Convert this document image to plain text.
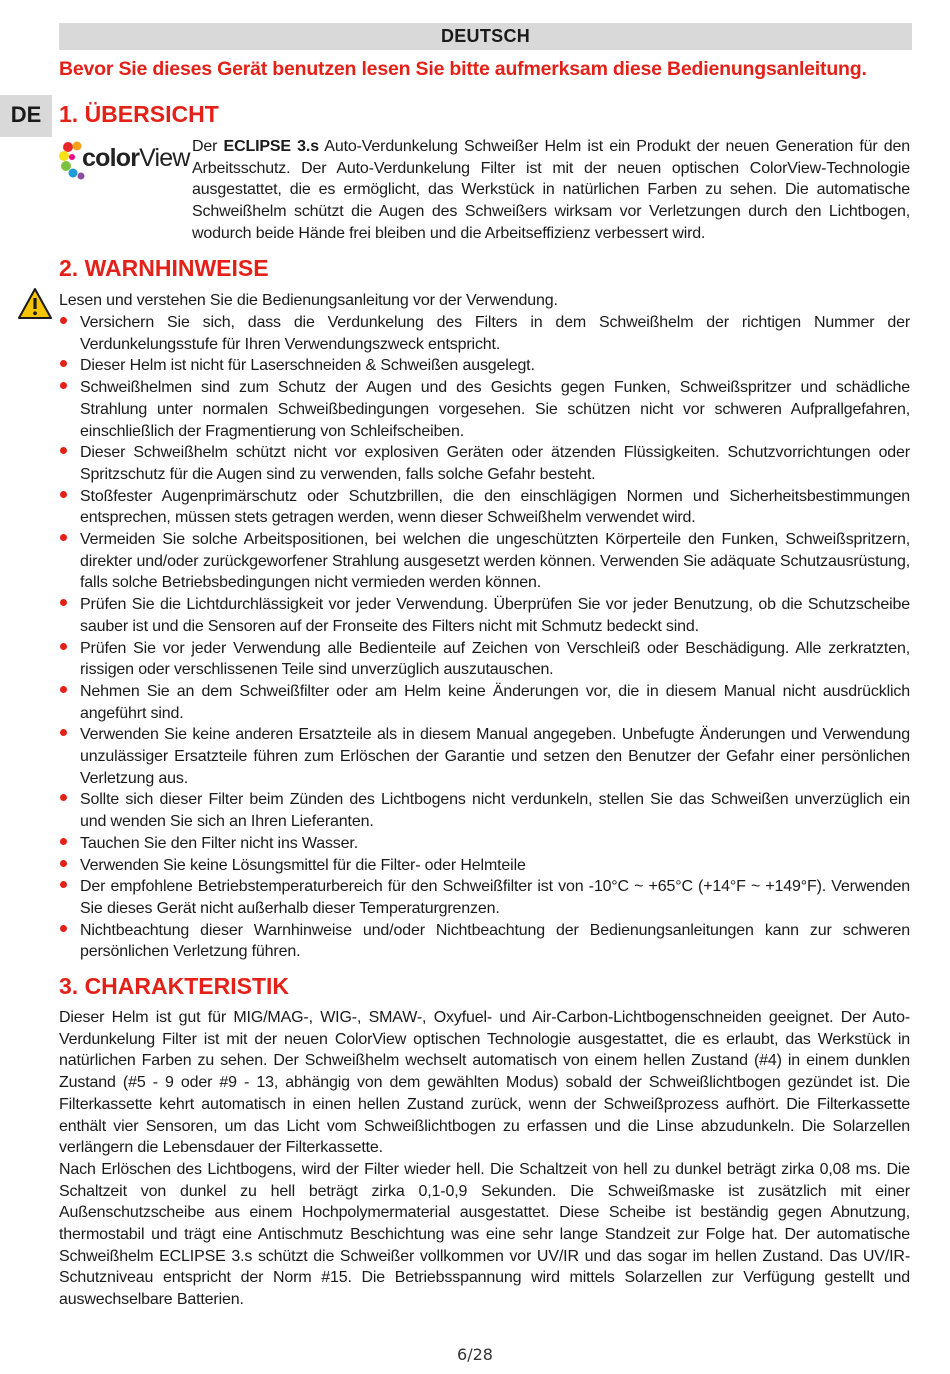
DEUTSCH
DE
Bevor Sie dieses Gerät benutzen lesen Sie bitte aufmerksam diese Bedienungsanleitung.
1. ÜBERSICHT
colorView Der ECLIPSE 3.s Auto-Verdunkelung Schweißer Helm ist ein Produkt der neuen Generation für den Arbeitsschutz. Der Auto-Verdunkelung Filter ist mit der neuen optischen ColorView-Technologie ausgestattet, die es ermöglicht, das Werkstück in natürlichen Farben zu sehen. Die automatische Schweißhelm schützt die Augen des Schweißers wirksam vor Verletzungen durch den Lichtbogen, wodurch beide Hände frei bleiben und die Arbeitseffizienz verbessert wird.
2. WARNHINWEISE
Lesen und verstehen Sie die Bedienungsanleitung vor der Verwendung.
Versichern Sie sich, dass die Verdunkelung des Filters in dem Schweißhelm der richtigen Nummer der Verdunkelungsstufe für Ihren Verwendungszweck entspricht.
Dieser Helm ist nicht für Laserschneiden & Schweißen ausgelegt.
Schweißhelmen sind zum Schutz der Augen und des Gesichts gegen Funken, Schweißspritzer und schädliche Strahlung unter normalen Schweißbedingungen vorgesehen. Sie schützen nicht vor schweren Aufprallgefahren, einschließlich der Fragmentierung von Schleifscheiben.
Dieser Schweißhelm schützt nicht vor explosiven Geräten oder ätzenden Flüssigkeiten. Schutzvorrichtungen oder Spritzschutz für die Augen sind zu verwenden, falls solche Gefahr besteht.
Stoßfester Augenprimärschutz oder Schutzbrillen, die den einschlägigen Normen und Sicherheitsbestimmungen entsprechen, müssen stets getragen werden, wenn dieser Schweißhelm verwendet wird.
Vermeiden Sie solche Arbeitspositionen, bei welchen die ungeschützten Körperteile den Funken, Schweißspritzern, direkter und/oder zurückgeworfener Strahlung ausgesetzt werden können. Verwenden Sie adäquate Schutzausrüstung, falls solche Betriebsbedingungen nicht vermieden werden können.
Prüfen Sie die Lichtdurchlässigkeit vor jeder Verwendung. Überprüfen Sie vor jeder Benutzung, ob die Schutzscheibe sauber ist und die Sensoren auf der Fronseite des Filters nicht mit Schmutz bedeckt sind.
Prüfen Sie vor jeder Verwendung alle Bedienteile auf Zeichen von Verschleiß oder Beschädigung. Alle zerkratzten, rissigen oder verschlissenen Teile sind unverzüglich auszutauschen.
Nehmen Sie an dem Schweißfilter oder am Helm keine Änderungen vor, die in diesem Manual nicht ausdrücklich angeführt sind.
Verwenden Sie keine anderen Ersatzteile als in diesem Manual angegeben. Unbefugte Änderungen und Verwendung unzulässiger Ersatzteile führen zum Erlöschen der Garantie und setzen den Benutzer der Gefahr einer persönlichen Verletzung aus.
Sollte sich dieser Filter beim Zünden des Lichtbogens nicht verdunkeln, stellen Sie das Schweißen unverzüglich ein und wenden Sie sich an Ihren Lieferanten.
Tauchen Sie den Filter nicht ins Wasser.
Verwenden Sie keine Lösungsmittel für die Filter- oder Helmteile
Der empfohlene Betriebstemperaturbereich für den Schweißfilter ist von -10°C ~ +65°C (+14°F ~ +149°F). Verwenden Sie dieses Gerät nicht außerhalb dieser Temperaturgrenzen.
Nichtbeachtung dieser Warnhinweise und/oder Nichtbeachtung der Bedienungsanleitungen kann zur schweren persönlichen Verletzung führen.
3. CHARAKTERISTIK
Dieser Helm ist gut für MIG/MAG-, WIG-, SMAW-, Oxyfuel- und Air-Carbon-Lichtbogenschneiden geeignet. Der Auto-Verdunkelung Filter ist mit der neuen ColorView optischen Technologie ausgestattet, die es erlaubt, das Werkstück in natürlichen Farben zu sehen. Der Schweißhelm wechselt automatisch von einem hellen Zustand (#4) in einem dunklen Zustand (#5 - 9 oder #9 - 13, abhängig von dem gewählten Modus) sobald der Schweißlichtbogen gezündet ist. Die Filterkassette kehrt automatisch in einen hellen Zustand zurück, wenn der Schweißprozess aufhört. Die Filterkassette enthält vier Sensoren, um das Licht vom Schweißlichtbogen zu erfassen und die Linse abzudunkeln. Die Solarzellen verlängern die Lebensdauer der Filterkassette.
Nach Erlöschen des Lichtbogens, wird der Filter wieder hell. Die Schaltzeit von hell zu dunkel beträgt zirka 0,08 ms. Die Schaltzeit von dunkel zu hell beträgt zirka 0,1-0,9 Sekunden. Die Schweißmaske ist zusätzlich mit einer Außenschutzscheibe aus einem Hochpolymermaterial ausgestattet. Diese Scheibe ist beständig gegen Abnutzung, thermostabil und trägt eine Antischmutz Beschichtung was eine sehr lange Standzeit zur Folge hat. Der automatische Schweißhelm ECLIPSE 3.s schützt die Schweißer vollkommen vor UV/IR und das sogar im hellen Zustand. Das UV/IR-Schutzniveau entspricht der Norm #15. Die Betriebsspannung wird mittels Solarzellen zur Verfügung gestellt und auswechselbare Batterien.
6/28
